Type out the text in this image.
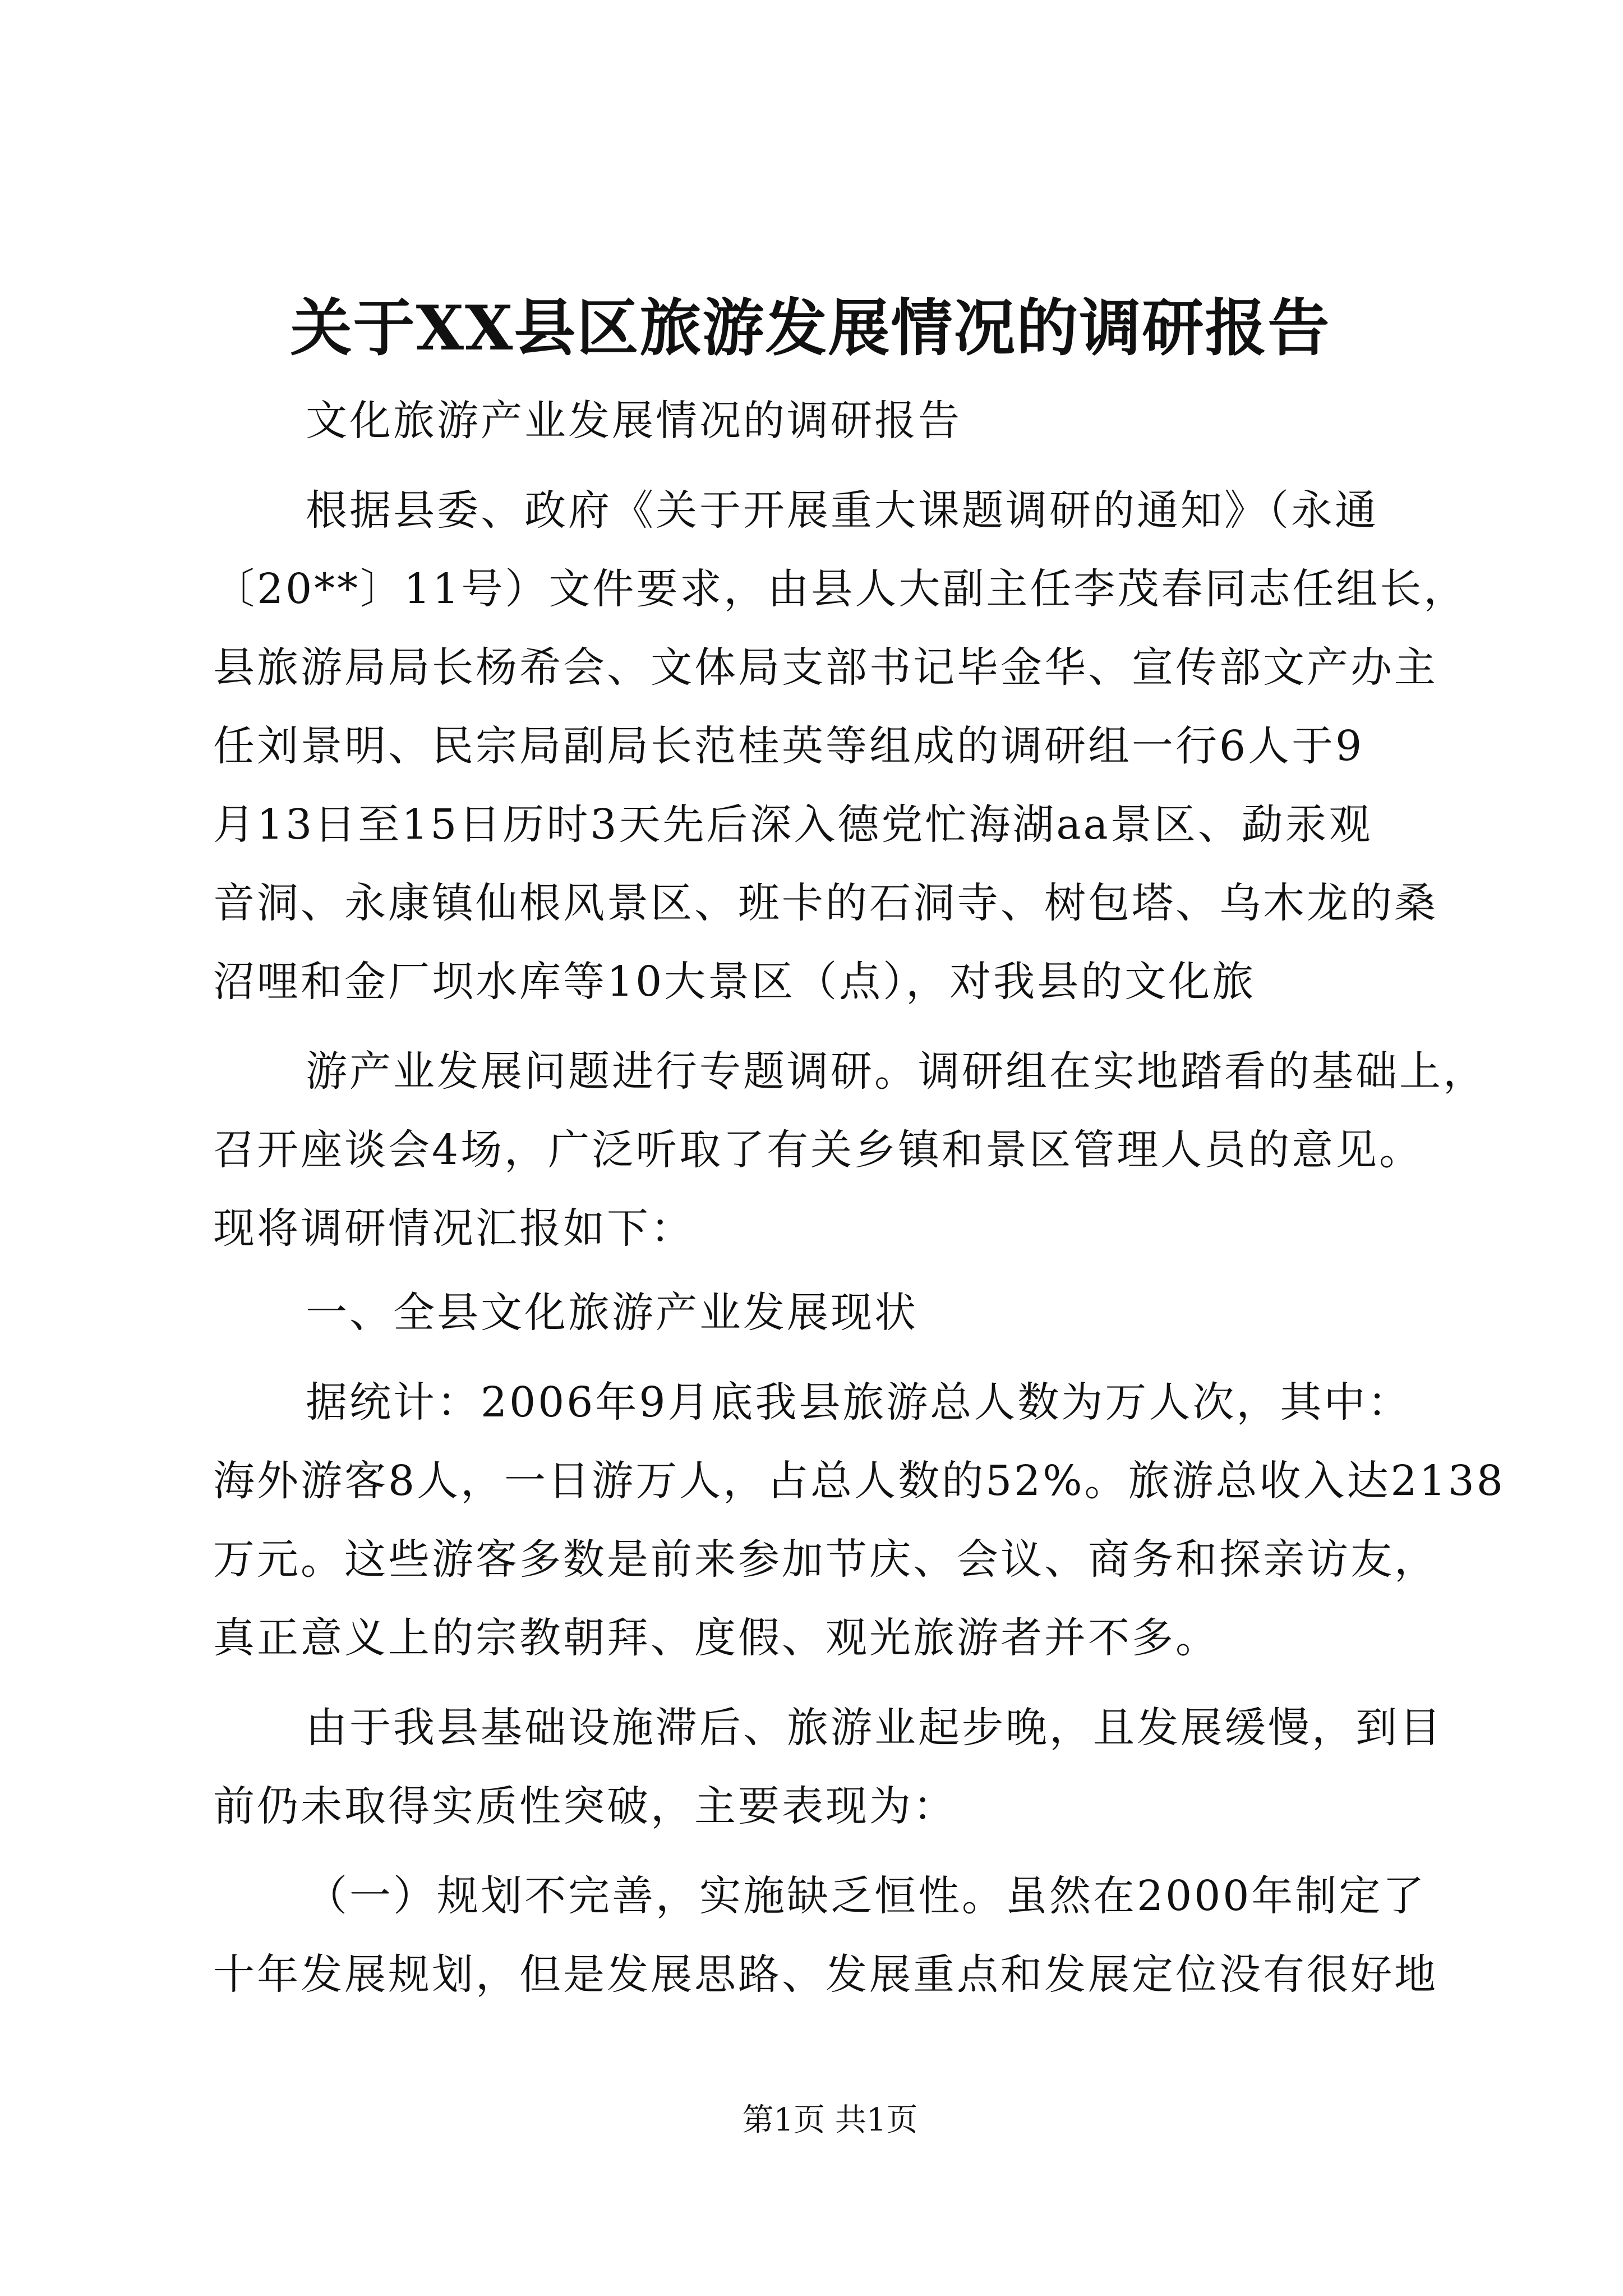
关于XX县区旅游发展情况的调研报告
文化旅游产业发展情况的调研报告
根据县委、政府《关于开展重大课题调研的通知》（永通
〔20**〕11号）文件要求，由县人大副主任李茂春同志任组长，
县旅游局局长杨希会、文体局支部书记毕金华、宣传部文产办主
任刘景明、民宗局副局长范桂英等组成的调研组一行6人于9
月13日至15日历时3天先后深入德党忙海湖aa景区、勐汞观
音洞、永康镇仙根风景区、班卡的石洞寺、树包塔、乌木龙的桑
沼哩和金厂坝水库等10大景区（点），对我县的文化旅
游产业发展问题进行专题调研。调研组在实地踏看的基础上，
召开座谈会4场，广泛听取了有关乡镇和景区管理人员的意见。
现将调研情况汇报如下：
一、全县文化旅游产业发展现状
据统计：2006年9月底我县旅游总人数为万人次，其中：
海外游客8人，一日游万人，占总人数的52%。旅游总收入达2138
万元。这些游客多数是前来参加节庆、会议、商务和探亲访友，
真正意义上的宗教朝拜、度假、观光旅游者并不多。
由于我县基础设施滞后、旅游业起步晚，且发展缓慢，到目
前仍未取得实质性突破，主要表现为：
（一）规划不完善，实施缺乏恒性。虽然在2000年制定了
十年发展规划，但是发展思路、发展重点和发展定位没有很好地
第1页 共1页
